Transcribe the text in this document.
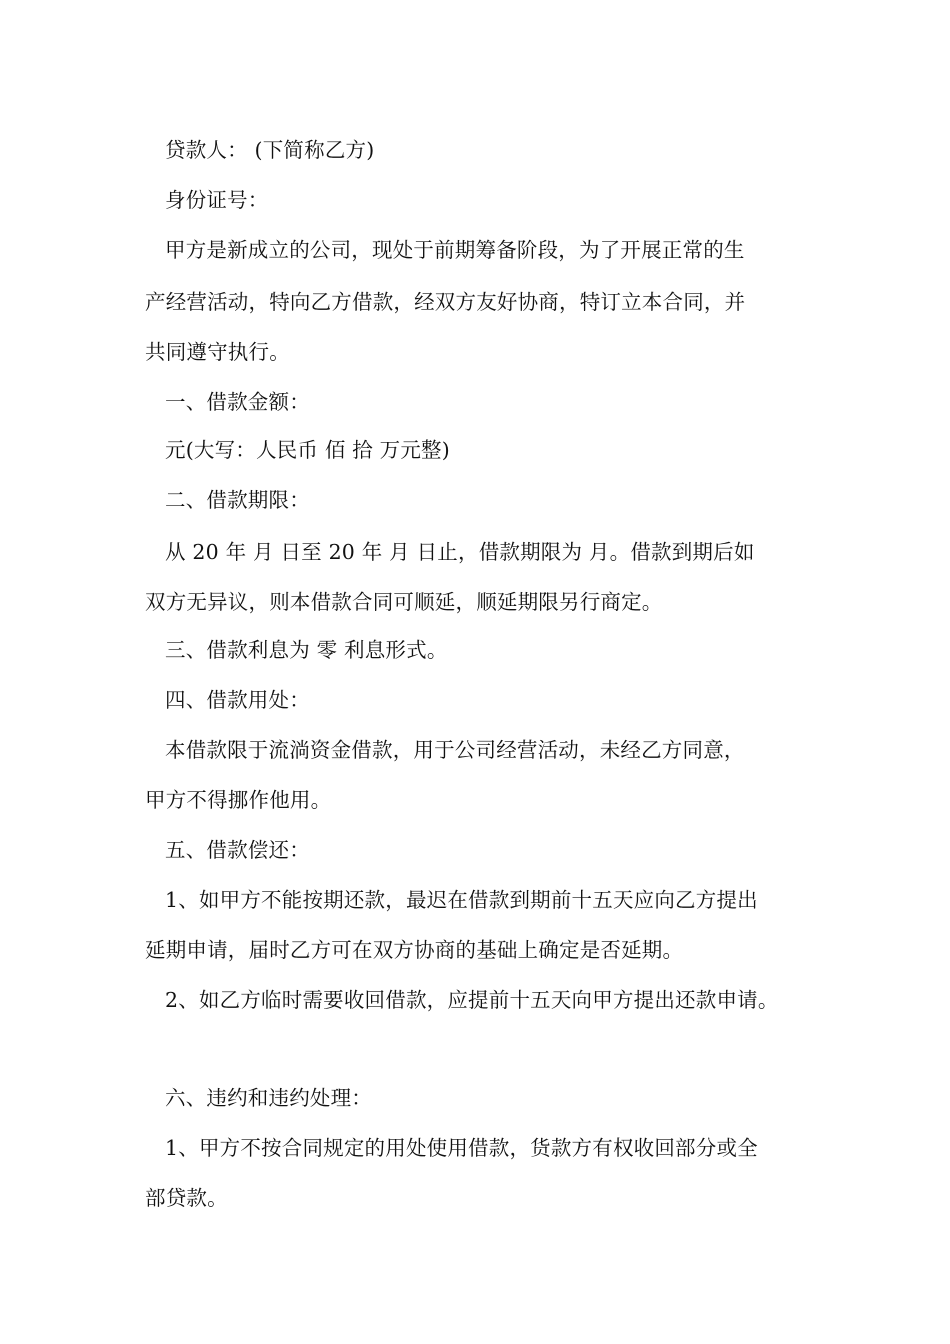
贷款人： (下简称乙方)

身份证号：

甲方是新成立的公司，现处于前期筹备阶段，为了开展正常的生

产经营活动，特向乙方借款，经双方友好协商，特订立本合同，并

共同遵守执行。

一、借款金额：

元(大写：人民币 佰 拾 万元整)

二、借款期限：

从 20 年 月 日至 20 年 月 日止，借款期限为 月。借款到期后如

双方无异议，则本借款合同可顺延，顺延期限另行商定。

三、借款利息为 零 利息形式。

四、借款用处：

本借款限于流淌资金借款，用于公司经营活动，未经乙方同意，

甲方不得挪作他用。

五、借款偿还：

1、如甲方不能按期还款，最迟在借款到期前十五天应向乙方提出

延期申请，届时乙方可在双方协商的基础上确定是否延期。

2、如乙方临时需要收回借款，应提前十五天向甲方提出还款申请。

六、违约和违约处理：

1、甲方不按合同规定的用处使用借款，货款方有权收回部分或全

部贷款。
